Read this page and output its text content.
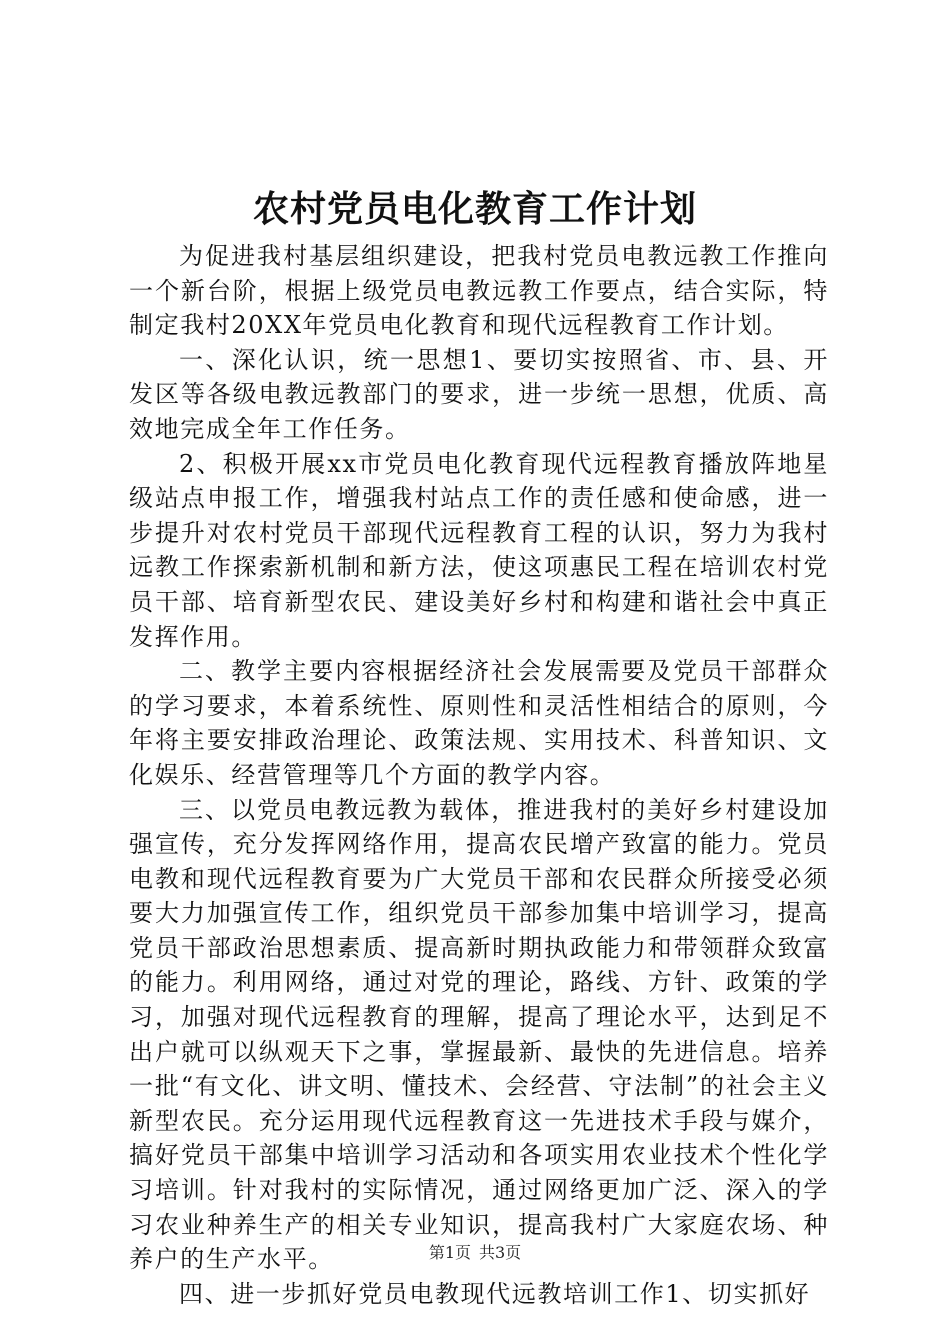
农村党员电化教育工作计划

为促进我村基层组织建设，把我村党员电教远教工作推向一个新台阶，根据上级党员电教远教工作要点，结合实际，特制定我村20XX年党员电化教育和现代远程教育工作计划。

一、深化认识，统一思想1、要切实按照省、市、县、开发区等各级电教远教部门的要求，进一步统一思想，优质、高效地完成全年工作任务。

2、积极开展xx市党员电化教育现代远程教育播放阵地星级站点申报工作，增强我村站点工作的责任感和使命感，进一步提升对农村党员干部现代远程教育工程的认识，努力为我村远教工作探索新机制和新方法，使这项惠民工程在培训农村党员干部、培育新型农民、建设美好乡村和构建和谐社会中真正发挥作用。

二、教学主要内容根据经济社会发展需要及党员干部群众的学习要求，本着系统性、原则性和灵活性相结合的原则，今年将主要安排政治理论、政策法规、实用技术、科普知识、文化娱乐、经营管理等几个方面的教学内容。

三、以党员电教远教为载体，推进我村的美好乡村建设加强宣传，充分发挥网络作用，提高农民增产致富的能力。党员电教和现代远程教育要为广大党员干部和农民群众所接受必须要大力加强宣传工作，组织党员干部参加集中培训学习，提高党员干部政治思想素质、提高新时期执政能力和带领群众致富的能力。利用网络，通过对党的理论，路线、方针、政策的学习，加强对现代远程教育的理解，提高了理论水平，达到足不出户就可以纵观天下之事，掌握最新、最快的先进信息。培养一批“有文化、讲文明、懂技术、会经营、守法制”的社会主义新型农民。充分运用现代远程教育这一先进技术手段与媒介，搞好党员干部集中培训学习活动和各项实用农业技术个性化学习培训。针对我村的实际情况，通过网络更加广泛、深入的学习农业种养生产的相关专业知识，提高我村广大家庭农场、种养户的生产水平。

四、进一步抓好党员电教现代远教培训工作1、切实抓好

第1页 共3页
